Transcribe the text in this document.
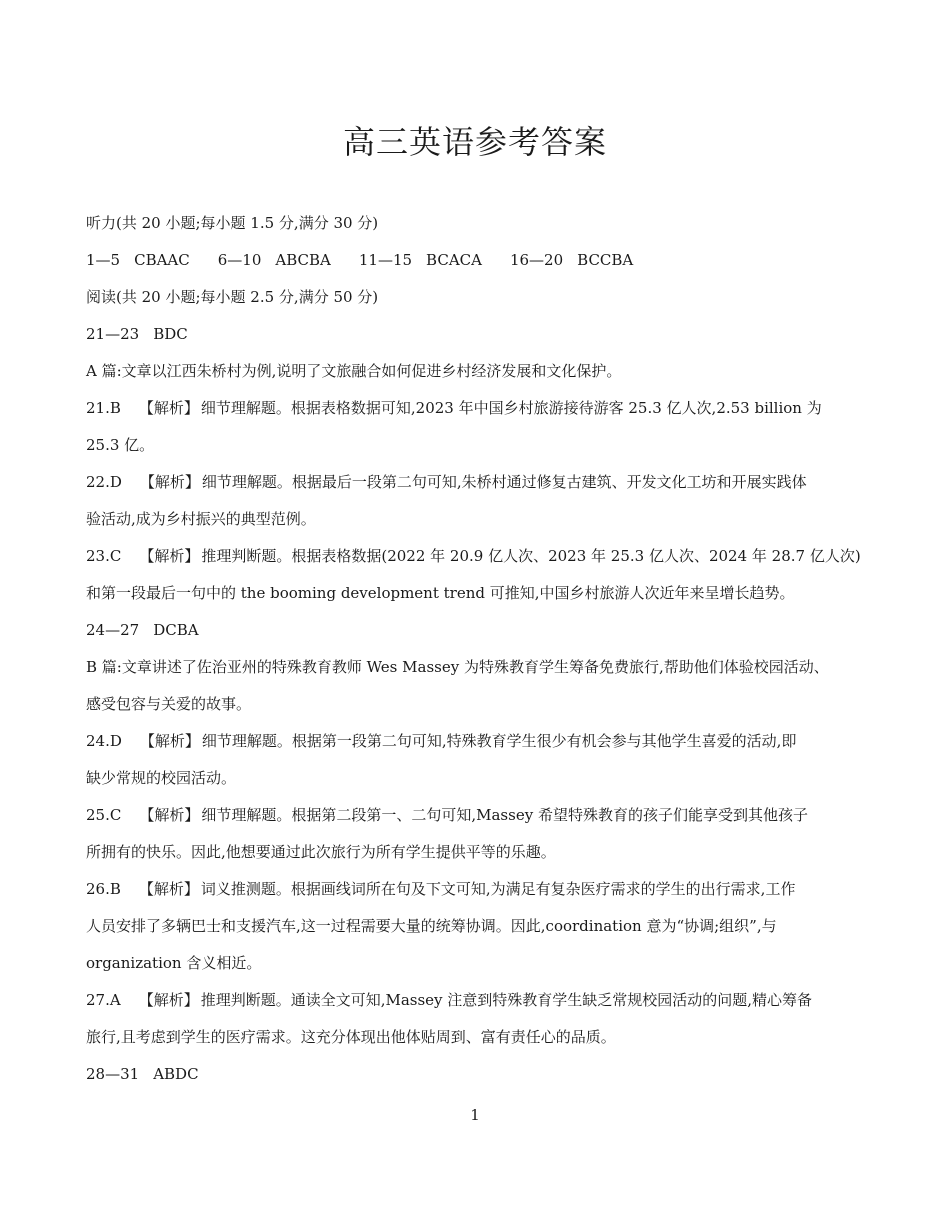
高三英语参考答案
听力(共 20 小题;每小题 1.5 分,满分 30 分)
1—5 CBAAC 6—10 ABCBA 11—15 BCACA 16—20 BCCBA
阅读(共 20 小题;每小题 2.5 分,满分 50 分)
21—23 BDC
A 篇:文章以江西朱桥村为例,说明了文旅融合如何促进乡村经济发展和文化保护。
21.B 【解析】 细节理解题。根据表格数据可知,2023 年中国乡村旅游接待游客 25.3 亿人次,2.53 billion 为
25.3 亿。
22.D 【解析】 细节理解题。根据最后一段第二句可知,朱桥村通过修复古建筑、开发文化工坊和开展实践体
验活动,成为乡村振兴的典型范例。
23.C 【解析】 推理判断题。根据表格数据(2022 年 20.9 亿人次、2023 年 25.3 亿人次、2024 年 28.7 亿人次)
和第一段最后一句中的 the booming development trend 可推知,中国乡村旅游人次近年来呈增长趋势。
24—27 DCBA
B 篇:文章讲述了佐治亚州的特殊教育教师 Wes Massey 为特殊教育学生筹备免费旅行,帮助他们体验校园活动、
感受包容与关爱的故事。
24.D 【解析】 细节理解题。根据第一段第二句可知,特殊教育学生很少有机会参与其他学生喜爱的活动,即
缺少常规的校园活动。
25.C 【解析】 细节理解题。根据第二段第一、二句可知,Massey 希望特殊教育的孩子们能享受到其他孩子
所拥有的快乐。因此,他想要通过此次旅行为所有学生提供平等的乐趣。
26.B 【解析】 词义推测题。根据画线词所在句及下文可知,为满足有复杂医疗需求的学生的出行需求,工作
人员安排了多辆巴士和支援汽车,这一过程需要大量的统筹协调。因此,coordination 意为“协调;组织”,与
organization 含义相近。
27.A 【解析】 推理判断题。通读全文可知,Massey 注意到特殊教育学生缺乏常规校园活动的问题,精心筹备
旅行,且考虑到学生的医疗需求。这充分体现出他体贴周到、富有责任心的品质。
28—31 ABDC
1
